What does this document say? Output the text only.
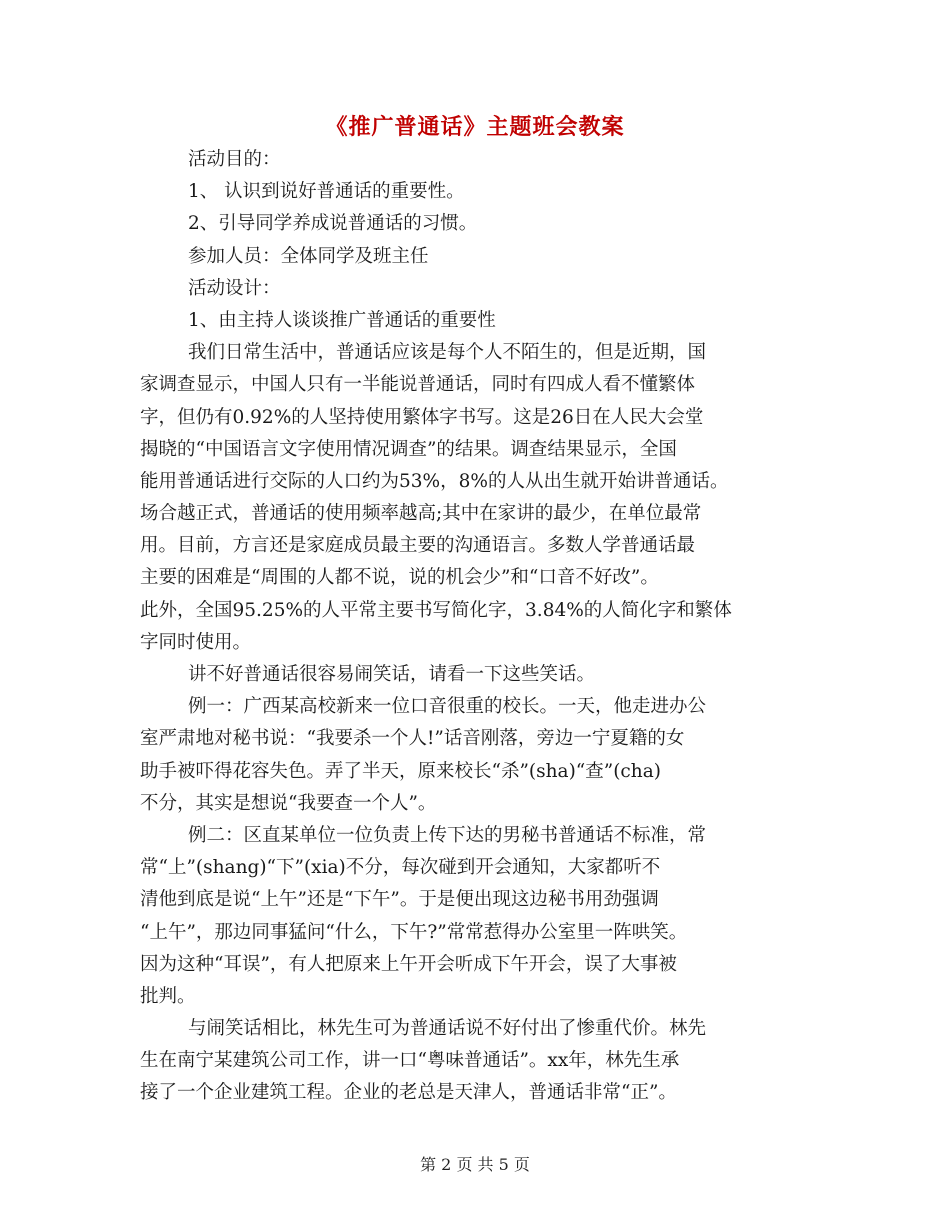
《推广普通话》主题班会教案
活动目的：
1、 认识到说好普通话的重要性。
2、引导同学养成说普通话的习惯。
参加人员：全体同学及班主任
活动设计：
1、由主持人谈谈推广普通话的重要性
我们日常生活中，普通话应该是每个人不陌生的，但是近期，国
家调查显示，中国人只有一半能说普通话，同时有四成人看不懂繁体
字，但仍有0.92%的人坚持使用繁体字书写。这是26日在人民大会堂
揭晓的“中国语言文字使用情况调查”的结果。调查结果显示，全国
能用普通话进行交际的人口约为53%，8%的人从出生就开始讲普通话。
场合越正式，普通话的使用频率越高;其中在家讲的最少，在单位最常
用。目前，方言还是家庭成员最主要的沟通语言。多数人学普通话最
主要的困难是“周围的人都不说，说的机会少”和“口音不好改”。
此外，全国95.25%的人平常主要书写简化字，3.84%的人简化字和繁体
字同时使用。
讲不好普通话很容易闹笑话，请看一下这些笑话。
例一：广西某高校新来一位口音很重的校长。一天，他走进办公
室严肃地对秘书说：“我要杀一个人!”话音刚落，旁边一宁夏籍的女
助手被吓得花容失色。弄了半天，原来校长“杀”(sha)“查”(cha)
不分，其实是想说“我要查一个人”。
例二：区直某单位一位负责上传下达的男秘书普通话不标准，常
常“上”(shang)“下”(xia)不分，每次碰到开会通知，大家都听不
清他到底是说“上午”还是“下午”。于是便出现这边秘书用劲强调
“上午”，那边同事猛问“什么，下午?”常常惹得办公室里一阵哄笑。
因为这种“耳误”，有人把原来上午开会听成下午开会，误了大事被
批判。
与闹笑话相比，林先生可为普通话说不好付出了惨重代价。林先
生在南宁某建筑公司工作，讲一口“粤味普通话”。xx年，林先生承
接了一个企业建筑工程。企业的老总是天津人，普通话非常“正”。
第 2 页 共 5 页
